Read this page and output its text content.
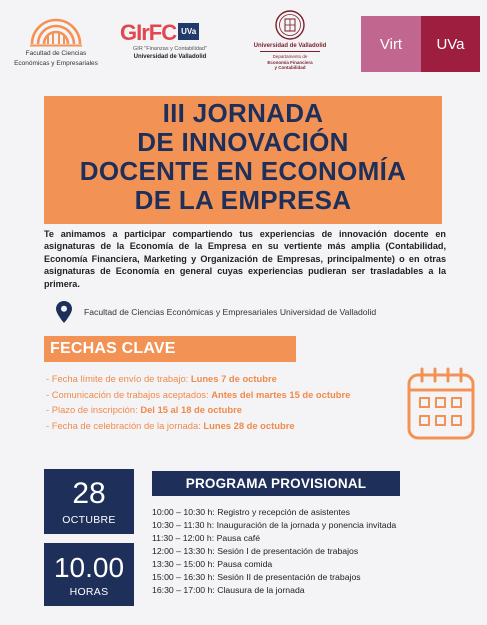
Facultad de Ciencias
Económicas y Empresariales
GIrFC UVa
GIR "Finanzas y Contabilidad"
Universidad de Valladolid
Universidad de Valladolid
Departamento de
Economía Financiera
y Contabilidad
Virt	UVa
III JORNADA
DE INNOVACIÓN
DOCENTE EN ECONOMÍA
DE LA EMPRESA

Te animamos a participar compartiendo tus experiencias de innovación docente en asignaturas de la Economía de la Empresa en su vertiente más amplia (Contabilidad, Economía Financiera, Marketing y Organización de Empresas, principalmente) o en otras asignaturas de Economía en general cuyas experiencias pudieran ser trasladables a la primera.

Facultad de Ciencias Económicas y Empresariales Universidad de Valladolid
FECHAS CLAVE
- Fecha límite de envío de trabajo: Lunes 7 de octubre
- Comunicación de trabajos aceptados: Antes del martes 15 de octubre
- Plazo de inscripción: Del 15 al 18 de octubre
- Fecha de celebración de la jornada: Lunes 28 de octubre
28
OCTUBRE
10.00
HORAS
PROGRAMA PROVISIONAL
10:00 – 10:30 h: Registro y recepción de asistentes
10:30 – 11:30 h: Inauguración de la jornada y ponencia invitada
11:30 – 12:00 h: Pausa café
12:00 – 13:30 h: Sesión I de presentación de trabajos
13:30 – 15:00 h: Pausa comida
15:00 – 16:30 h: Sesión II de presentación de trabajos
16:30 – 17:00 h: Clausura de la jornada
